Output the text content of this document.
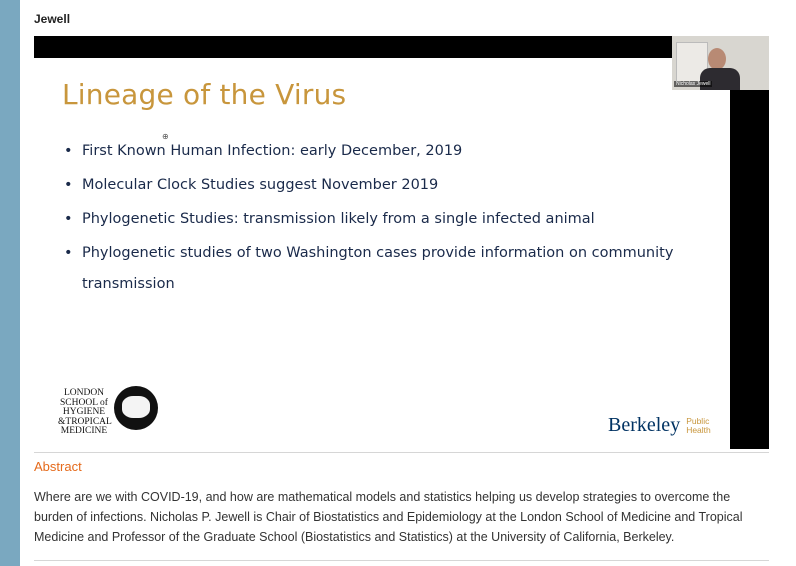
Jewell
Lineage of the Virus
⊕
• First Known Human Infection: early December, 2019
• Molecular Clock Studies suggest November 2019
• Phylogenetic Studies: transmission likely from a single infected animal
• Phylogenetic studies of two Washington cases provide information on community transmission
LONDON
SCHOOL of
HYGIENE
&TROPICAL
MEDICINE	Berkeley Public
Health
Nicholas Jewell
Abstract
Where are we with COVID-19, and how are mathematical models and statistics helping us develop strategies to overcome the burden of infections. Nicholas P. Jewell is Chair of Biostatistics and Epidemiology at the London School of Medicine and Tropical Medicine and Professor of the Graduate School (Biostatistics and Statistics) at the University of California, Berkeley.
